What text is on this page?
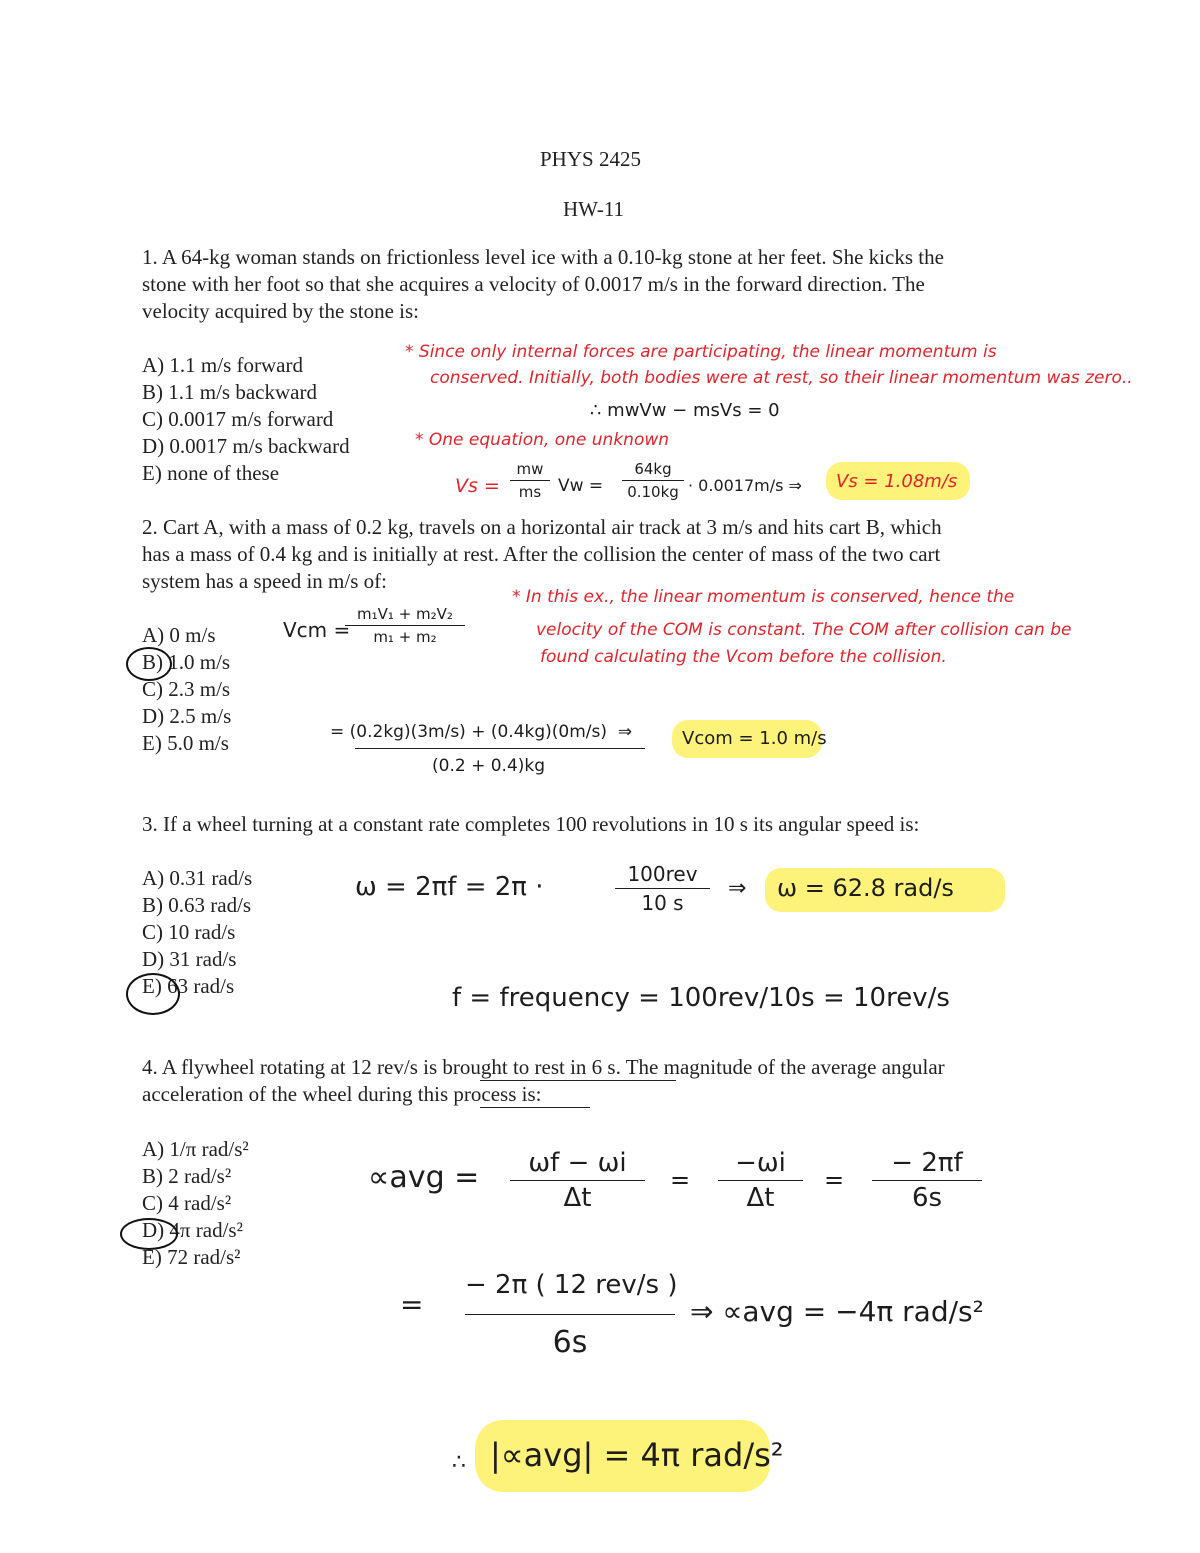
PHYS 2425
HW-11
1. A 64-kg woman stands on frictionless level ice with a 0.10-kg stone at her feet. She kicks the
stone with her foot so that she acquires a velocity of 0.0017 m/s in the forward direction. The
velocity acquired by the stone is:
A) 1.1 m/s forward
B) 1.1 m/s backward
C) 0.0017 m/s forward
D) 0.0017 m/s backward
E) none of these
* Since only internal forces are participating, the linear momentum is
conserved. Initially, both bodies were at rest, so their linear momentum was zero..
∴ mwVw − msVs = 0
* One equation, one unknown
Vs =
mw
ms Vw =
64kg
0.10kg · 0.0017m/s ⇒ Vs = 1.08m/s
2. Cart A, with a mass of 0.2 kg, travels on a horizontal air track at 3 m/s and hits cart B, which
has a mass of 0.4 kg and is initially at rest. After the collision the center of mass of the two cart
system has a speed in m/s of:
A) 0 m/s
B) 1.0 m/s
C) 2.3 m/s
D) 2.5 m/s
E) 5.0 m/s
* In this ex., the linear momentum is conserved, hence the
velocity of the COM is constant. The COM after collision can be
found calculating the Vcom before the collision.
Vcm =
m₁V₁ + m₂V₂
m₁ + m₂
= (0.2kg)(3m/s) + (0.4kg)(0m/s)  ⇒
(0.2 + 0.4)kg
Vcom = 1.0 m/s
3. If a wheel turning at a constant rate completes 100 revolutions in 10 s its angular speed is:
A) 0.31 rad/s
B) 0.63 rad/s
C) 10 rad/s
D) 31 rad/s
E) 63 rad/s
ω = 2πf = 2π ·	100rev
10 s
⇒ ω = 62.8 rad/s
f = frequency = 100rev/10s = 10rev/s
4. A flywheel rotating at 12 rev/s is brought to rest in 6 s. The magnitude of the average angular
acceleration of the wheel during this process is:
A) 1/π rad/s²
B) 2 rad/s²
C) 4 rad/s²
D) 4π rad/s²
E) 72 rad/s²
∝avg =	ωf − ωi
Δt
=
−ωi
Δt
=
− 2πf
6s
=
− 2π ( 12 rev/s )
6s
⇒ ∝avg = −4π rad/s²
∴ |∝avg| = 4π rad/s²
